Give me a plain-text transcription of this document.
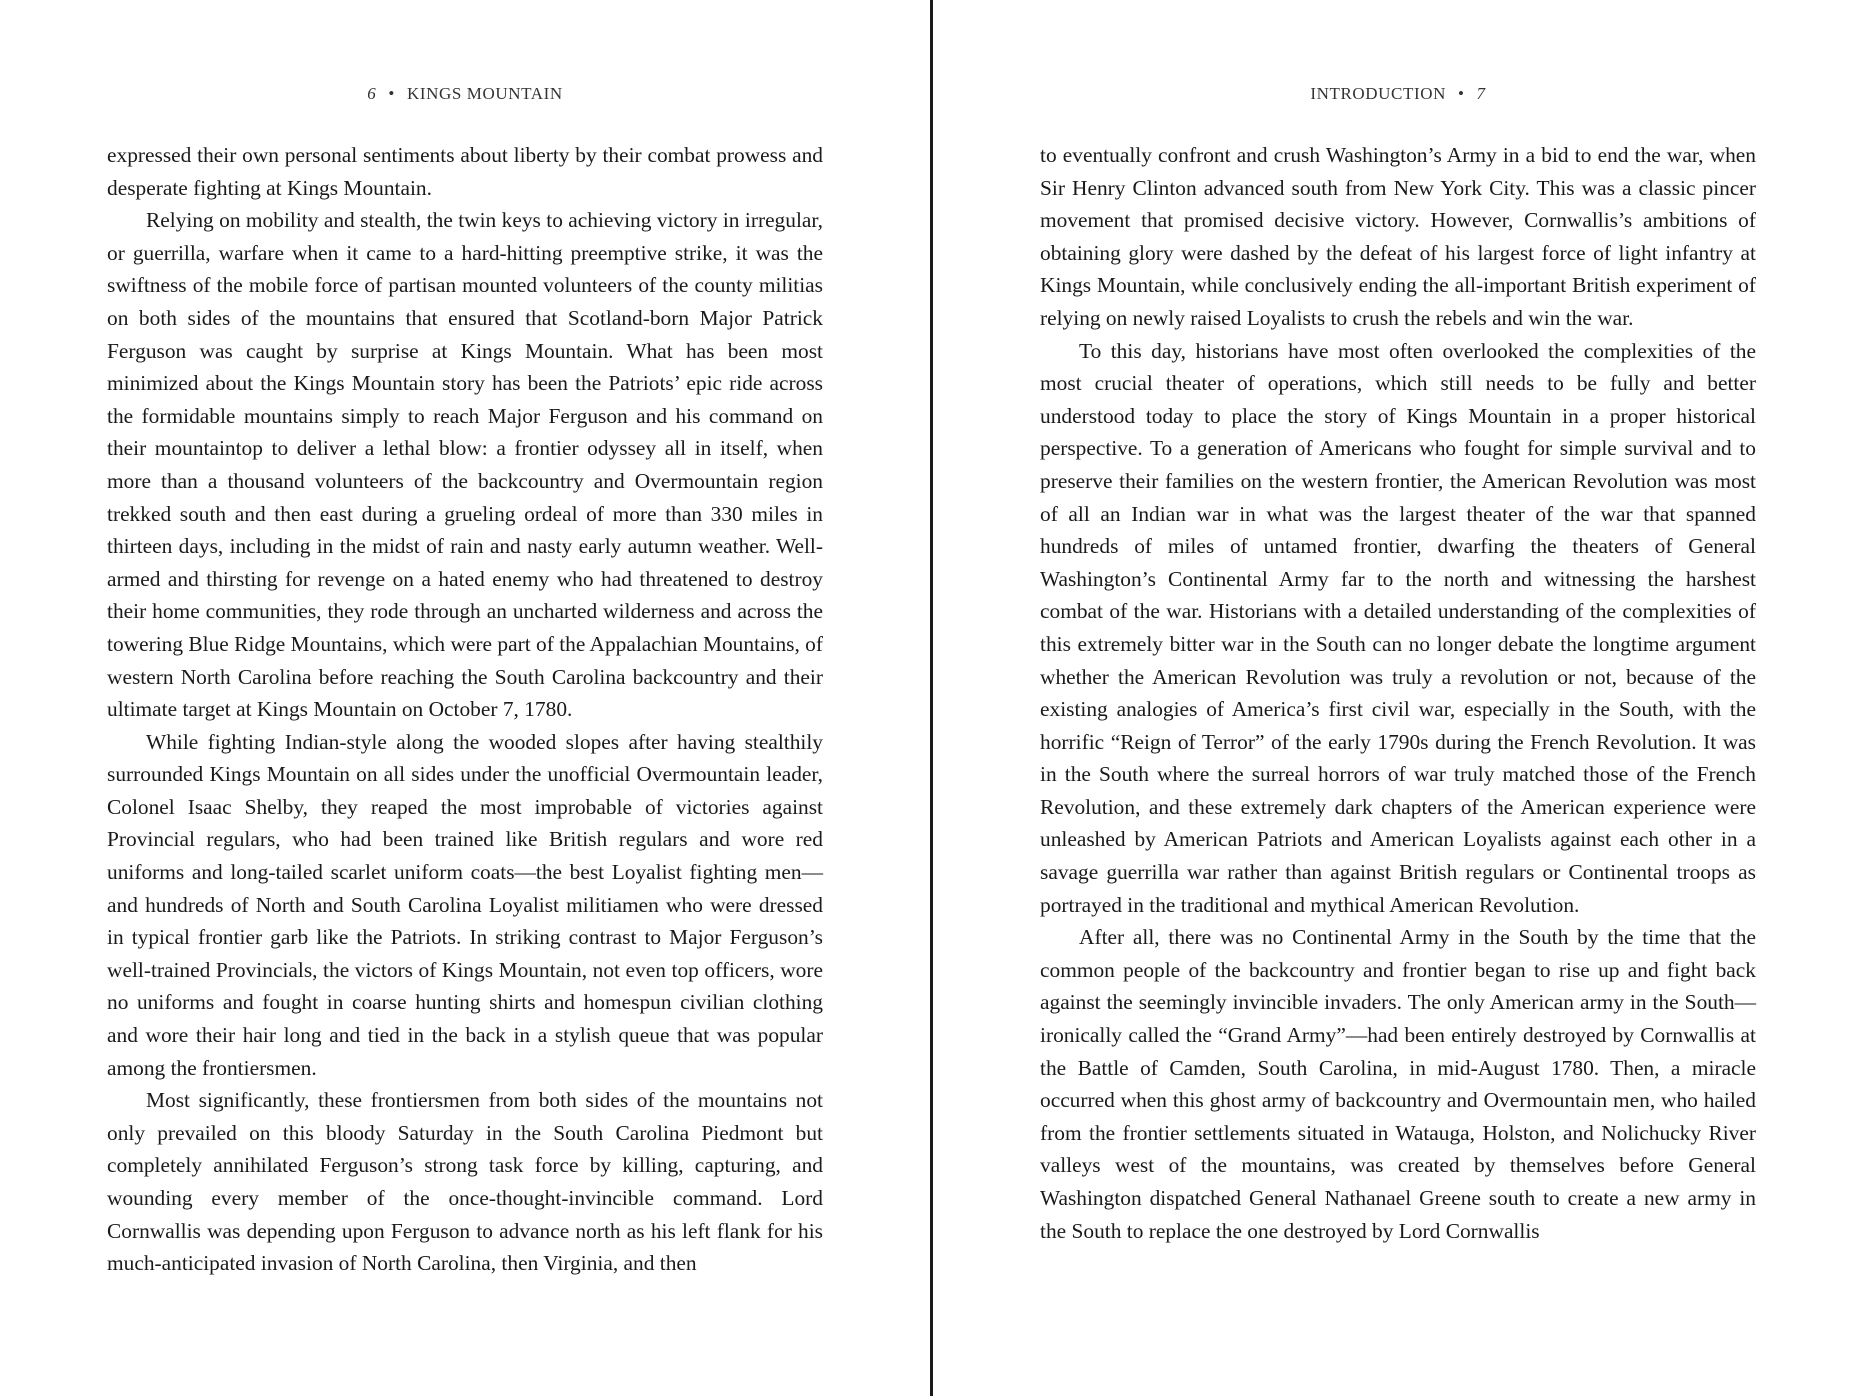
6 • KINGS MOUNTAIN

expressed their own personal sentiments about liberty by their combat prowess and desperate fighting at Kings Mountain.

Relying on mobility and stealth, the twin keys to achieving victory in irregular, or guerrilla, warfare when it came to a hard-hitting preemptive strike, it was the swiftness of the mobile force of partisan mounted volunteers of the county militias on both sides of the mountains that ensured that Scotland-born Major Patrick Ferguson was caught by surprise at Kings Mountain. What has been most minimized about the Kings Mountain story has been the Patriots’ epic ride across the formidable mountains simply to reach Major Ferguson and his command on their mountaintop to deliver a lethal blow: a frontier odyssey all in itself, when more than a thousand volunteers of the backcountry and Overmountain region trekked south and then east during a grueling ordeal of more than 330 miles in thirteen days, including in the midst of rain and nasty early autumn weather. Well-armed and thirsting for revenge on a hated enemy who had threatened to destroy their home communities, they rode through an uncharted wilderness and across the towering Blue Ridge Mountains, which were part of the Appalachian Mountains, of western North Carolina before reaching the South Carolina backcountry and their ultimate target at Kings Mountain on October 7, 1780.

While fighting Indian-style along the wooded slopes after having stealthily surrounded Kings Mountain on all sides under the unofficial Overmountain leader, Colonel Isaac Shelby, they reaped the most improbable of victories against Provincial regulars, who had been trained like British regulars and wore red uniforms and long-tailed scarlet uniform coats—the best Loyalist fighting men—and hundreds of North and South Carolina Loyalist militiamen who were dressed in typical frontier garb like the Patriots. In striking contrast to Major Ferguson’s well-trained Provincials, the victors of Kings Mountain, not even top officers, wore no uniforms and fought in coarse hunting shirts and homespun civilian clothing and wore their hair long and tied in the back in a stylish queue that was popular among the frontiersmen.

Most significantly, these frontiersmen from both sides of the mountains not only prevailed on this bloody Saturday in the South Carolina Piedmont but completely annihilated Ferguson’s strong task force by killing, capturing, and wounding every member of the once-thought-invincible command. Lord Cornwallis was depending upon Ferguson to advance north as his left flank for his much-anticipated invasion of North Carolina, then Virginia, and then

INTRODUCTION • 7

to eventually confront and crush Washington’s Army in a bid to end the war, when Sir Henry Clinton advanced south from New York City. This was a classic pincer movement that promised decisive victory. However, Cornwallis’s ambitions of obtaining glory were dashed by the defeat of his largest force of light infantry at Kings Mountain, while conclusively ending the all-important British experiment of relying on newly raised Loyalists to crush the rebels and win the war.

To this day, historians have most often overlooked the complexities of the most crucial theater of operations, which still needs to be fully and better understood today to place the story of Kings Mountain in a proper historical perspective. To a generation of Americans who fought for simple survival and to preserve their families on the western frontier, the American Revolution was most of all an Indian war in what was the largest theater of the war that spanned hundreds of miles of untamed frontier, dwarfing the theaters of General Washington’s Continental Army far to the north and witnessing the harshest combat of the war. Historians with a detailed understanding of the complexities of this extremely bitter war in the South can no longer debate the longtime argument whether the American Revolution was truly a revolution or not, because of the existing analogies of America’s first civil war, especially in the South, with the horrific “Reign of Terror” of the early 1790s during the French Revolution. It was in the South where the surreal horrors of war truly matched those of the French Revolution, and these extremely dark chapters of the American experience were unleashed by American Patriots and American Loyalists against each other in a savage guerrilla war rather than against British regulars or Continental troops as portrayed in the traditional and mythical American Revolution.

After all, there was no Continental Army in the South by the time that the common people of the backcountry and frontier began to rise up and fight back against the seemingly invincible invaders. The only American army in the South—ironically called the “Grand Army”—had been entirely destroyed by Cornwallis at the Battle of Camden, South Carolina, in mid-August 1780. Then, a miracle occurred when this ghost army of backcountry and Overmountain men, who hailed from the frontier settlements situated in Watauga, Holston, and Nolichucky River valleys west of the mountains, was created by themselves before General Washington dispatched General Nathanael Greene south to create a new army in the South to replace the one destroyed by Lord Cornwallis
